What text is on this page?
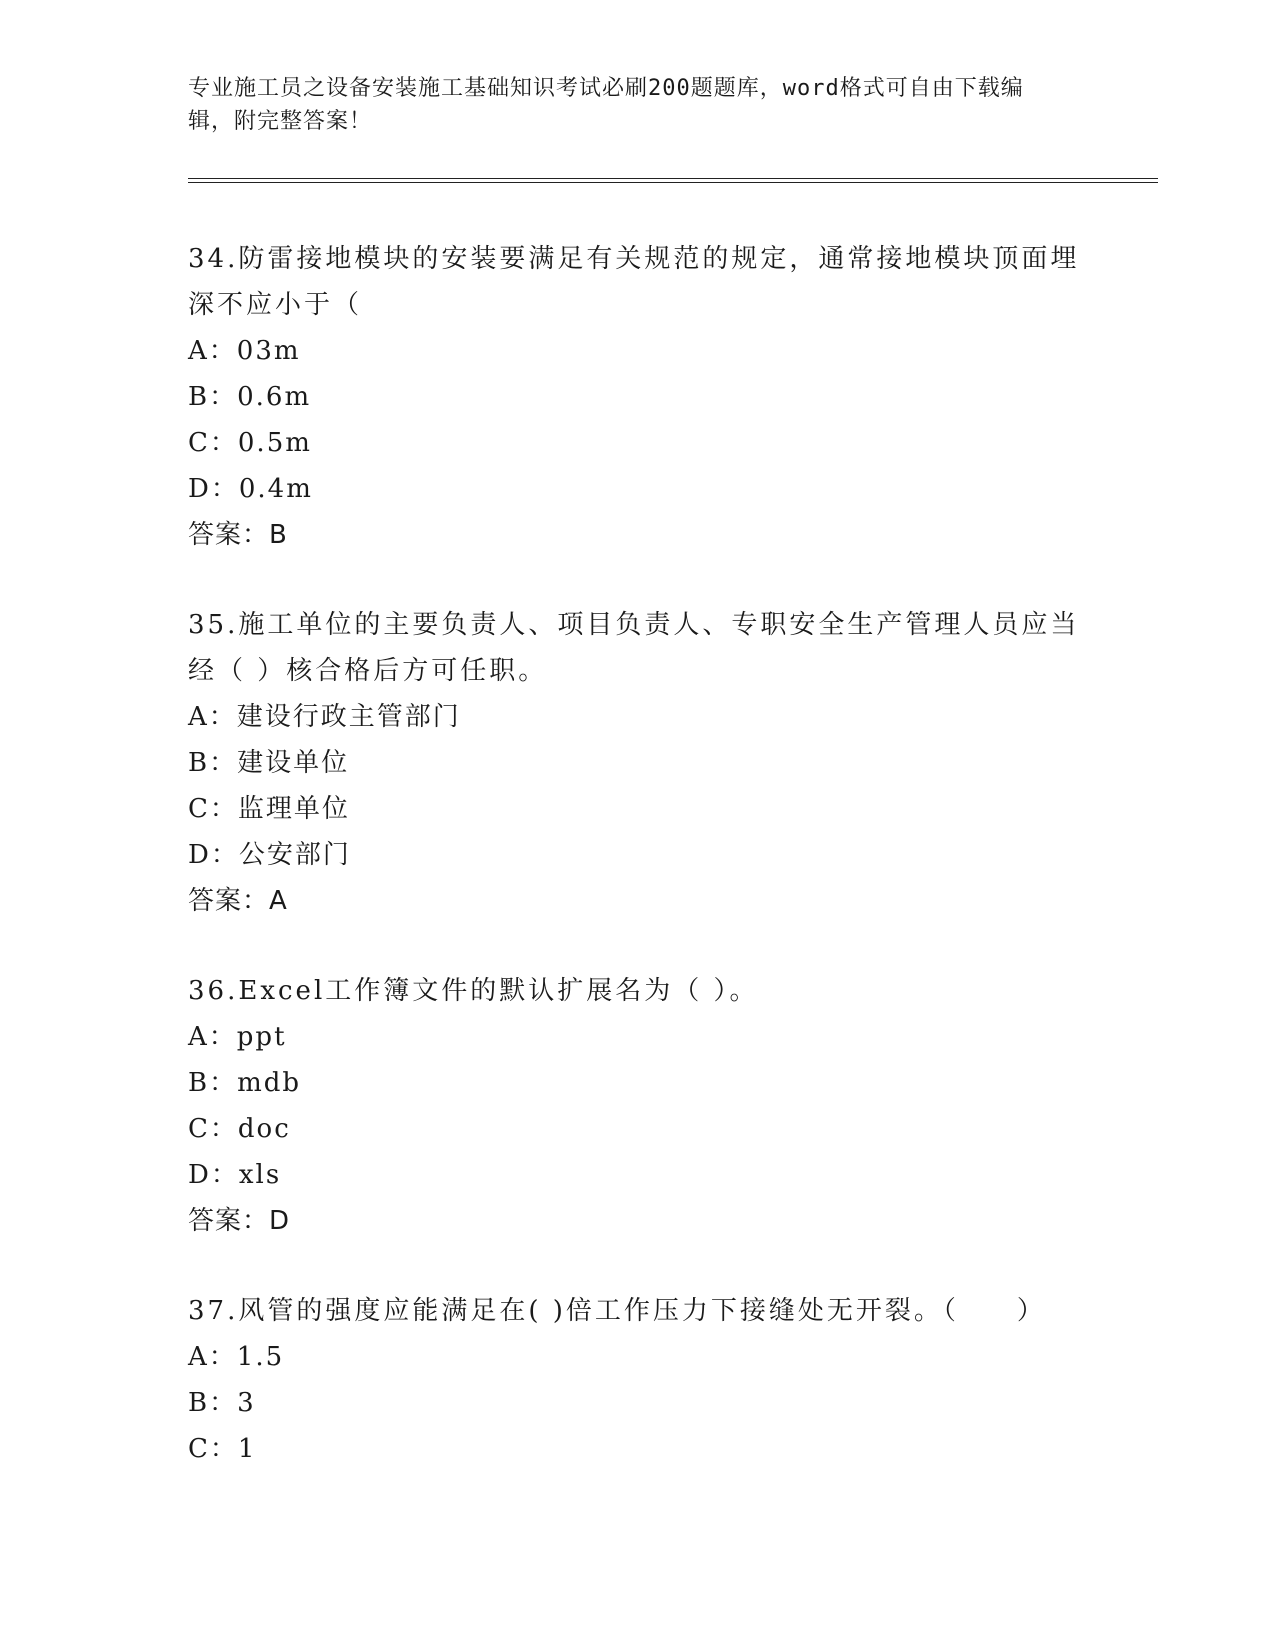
专业施工员之设备安装施工基础知识考试必刷200题题库，word格式可自由下载编辑，附完整答案！

34.防雷接地模块的安装要满足有关规范的规定，通常接地模块顶面埋深不应小于（

A：03m

B：0.6m

C：0.5m

D：0.4m

答案：B

35.施工单位的主要负责人、项目负责人、专职安全生产管理人员应当经（ ）核合格后方可任职。

A：建设行政主管部门

B：建设单位

C：监理单位

D：公安部门

答案：A

36.Excel工作簿文件的默认扩展名为（ ）。

A：ppt

B：mdb

C：doc

D：xls

答案：D

37.风管的强度应能满足在( )倍工作压力下接缝处无开裂。（　　）

A：1.5

B：3

C：1
